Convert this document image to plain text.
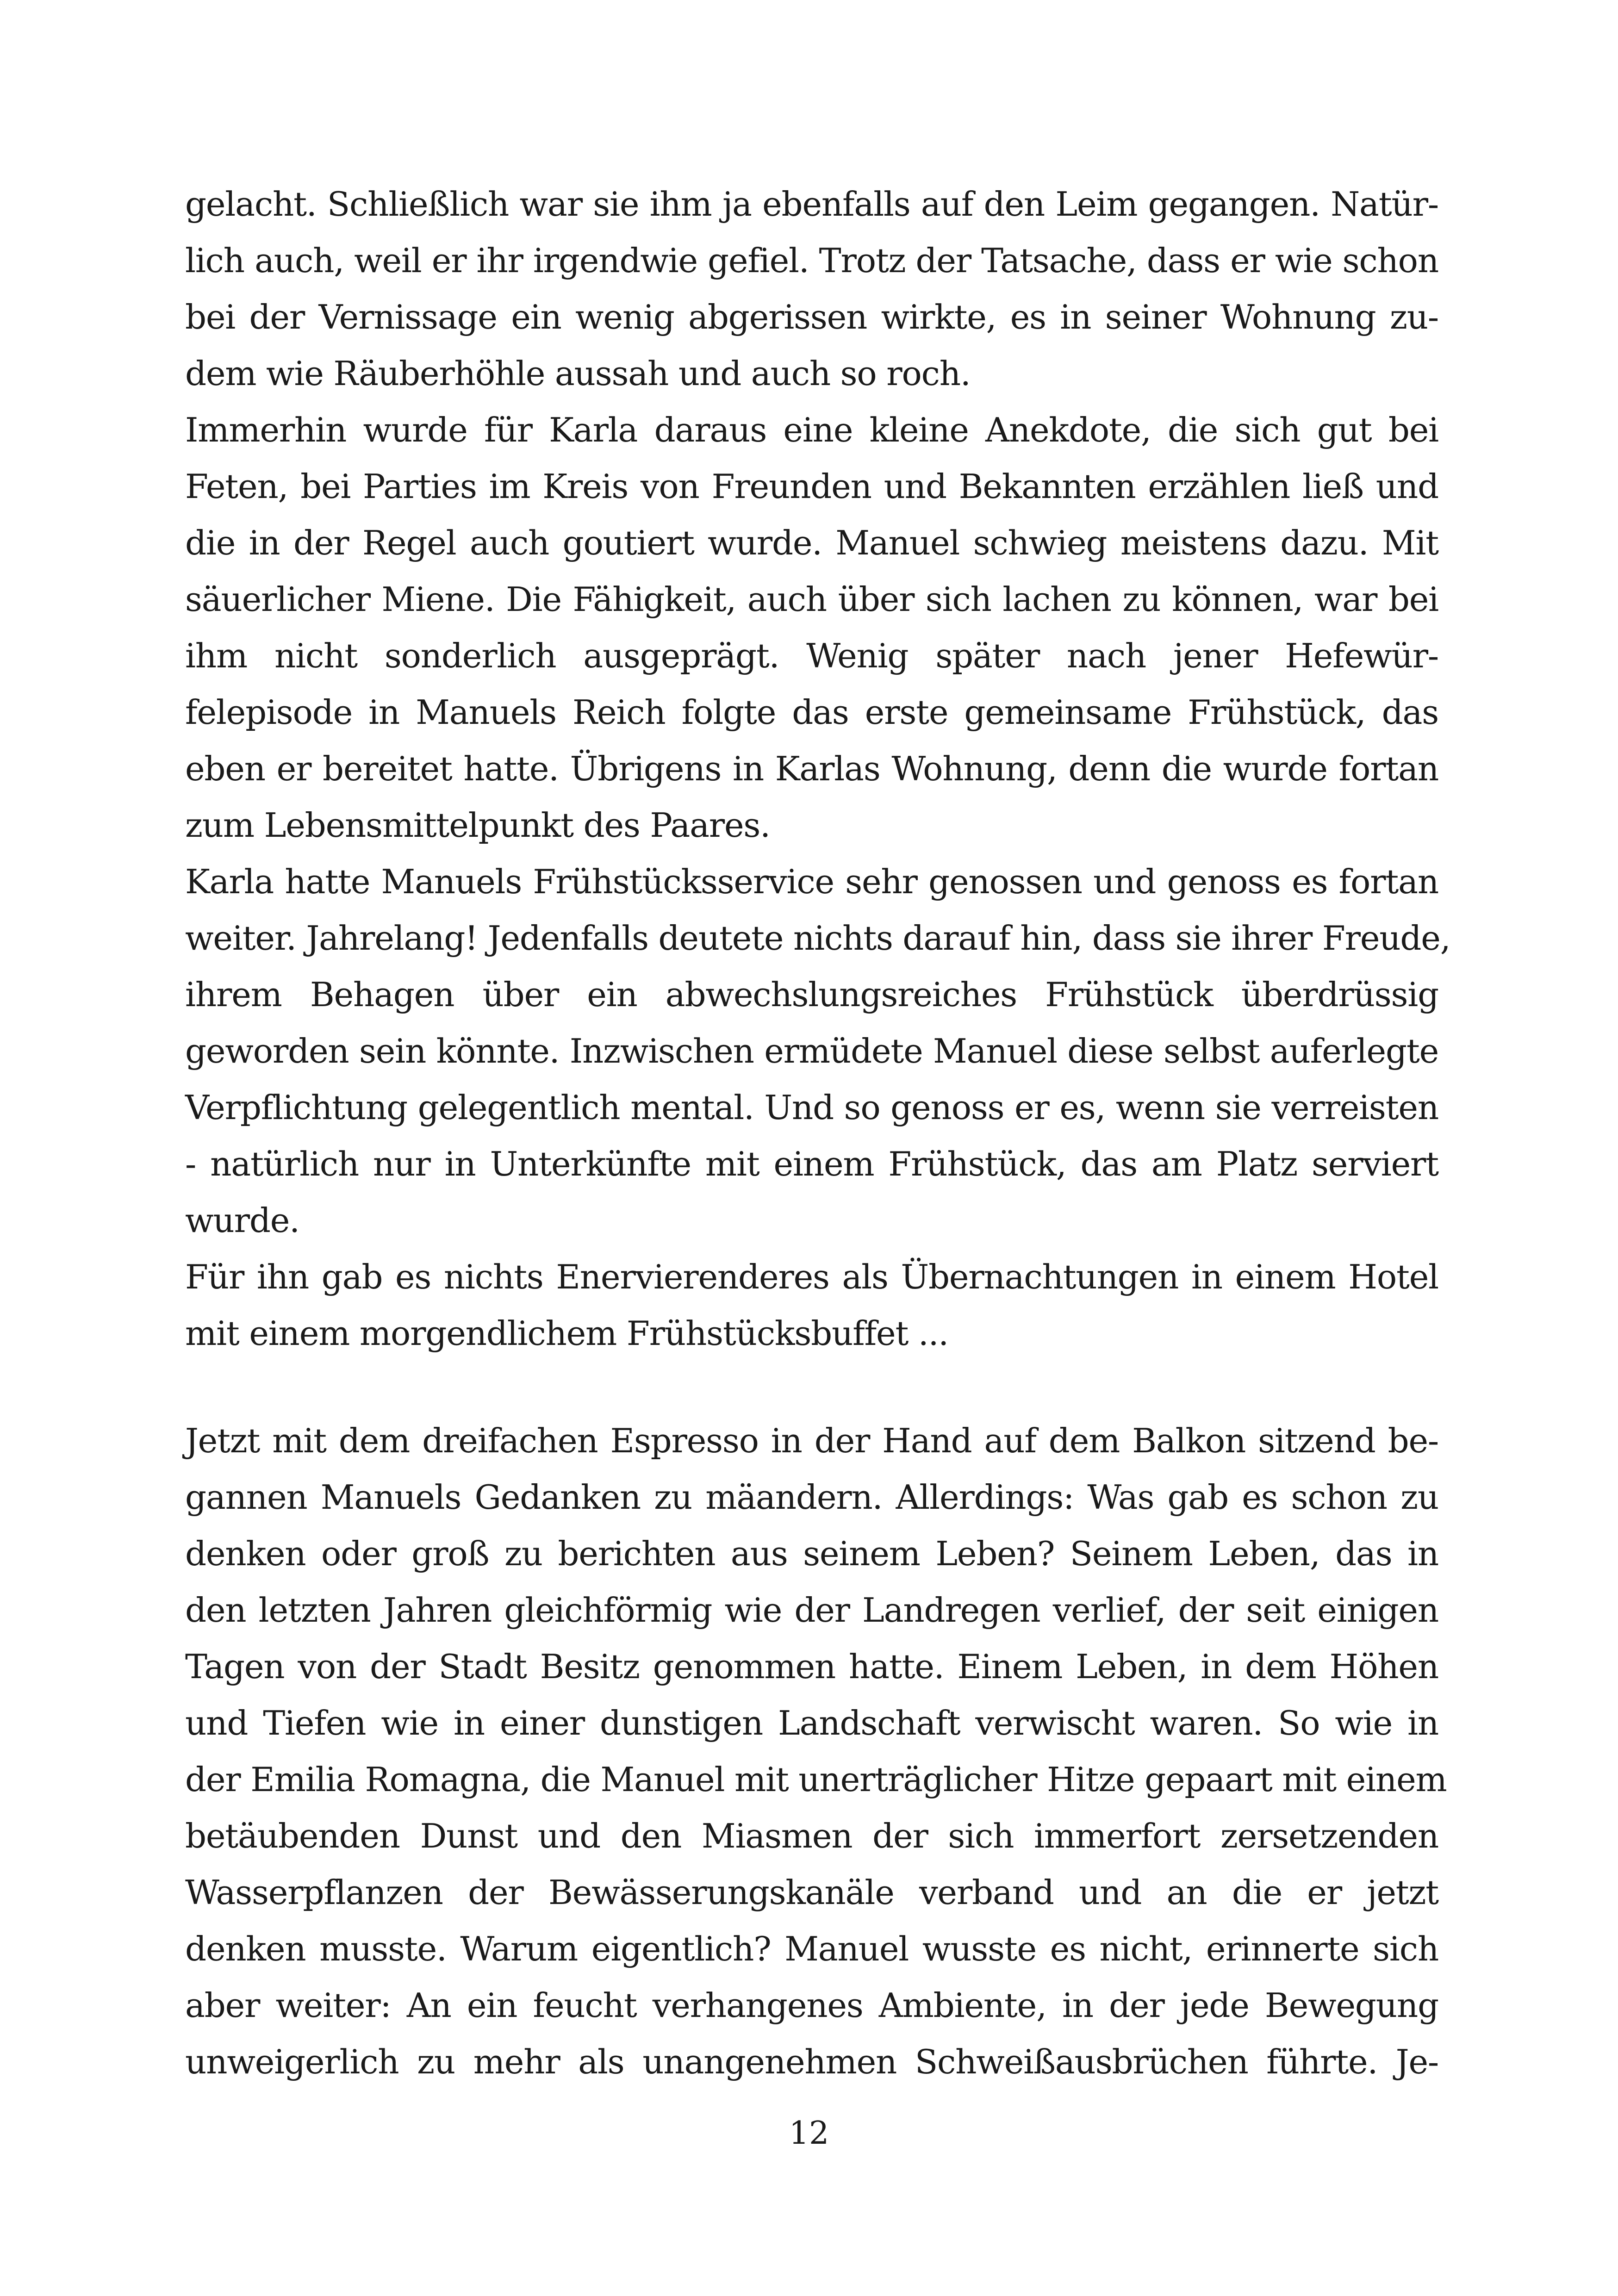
gelacht. Schließlich war sie ihm ja ebenfalls auf den Leim gegangen. Natür-
lich auch, weil er ihr irgendwie gefiel. Trotz der Tatsache, dass er wie schon
bei der Vernissage ein wenig abgerissen wirkte, es in seiner Wohnung zu-
dem wie Räuberhöhle aussah und auch so roch.
Immerhin wurde für Karla daraus eine kleine Anekdote, die sich gut bei
Feten, bei Parties im Kreis von Freunden und Bekannten erzählen ließ und
die in der Regel auch goutiert wurde. Manuel schwieg meistens dazu. Mit
säuerlicher Miene. Die Fähigkeit, auch über sich lachen zu können, war bei
ihm nicht sonderlich ausgeprägt. Wenig später nach jener Hefewür-
felepisode in Manuels Reich folgte das erste gemeinsame Frühstück, das
eben er bereitet hatte. Übrigens in Karlas Wohnung, denn die wurde fortan
zum Lebensmittelpunkt des Paares.
Karla hatte Manuels Frühstücksservice sehr genossen und genoss es fortan
weiter. Jahrelang! Jedenfalls deutete nichts darauf hin, dass sie ihrer Freude,
ihrem Behagen über ein abwechslungsreiches Frühstück überdrüssig
geworden sein könnte. Inzwischen ermüdete Manuel diese selbst auferlegte
Verpflichtung gelegentlich mental. Und so genoss er es, wenn sie verreisten
- natürlich nur in Unterkünfte mit einem Frühstück, das am Platz serviert
wurde.
Für ihn gab es nichts Enervierenderes als Übernachtungen in einem Hotel
mit einem morgendlichem Frühstücksbuffet ...
Jetzt mit dem dreifachen Espresso in der Hand auf dem Balkon sitzend be-
gannen Manuels Gedanken zu mäandern. Allerdings: Was gab es schon zu
denken oder groß zu berichten aus seinem Leben? Seinem Leben, das in
den letzten Jahren gleichförmig wie der Landregen verlief, der seit einigen
Tagen von der Stadt Besitz genommen hatte. Einem Leben, in dem Höhen
und Tiefen wie in einer dunstigen Landschaft verwischt waren. So wie in
der Emilia Romagna, die Manuel mit unerträglicher Hitze gepaart mit einem
betäubenden Dunst und den Miasmen der sich immerfort zersetzenden
Wasserpflanzen der Bewässerungskanäle verband und an die er jetzt
denken musste. Warum eigentlich? Manuel wusste es nicht, erinnerte sich
aber weiter: An ein feucht verhangenes Ambiente, in der jede Bewegung
unweigerlich zu mehr als unangenehmen Schweißausbrüchen führte. Je-
12
